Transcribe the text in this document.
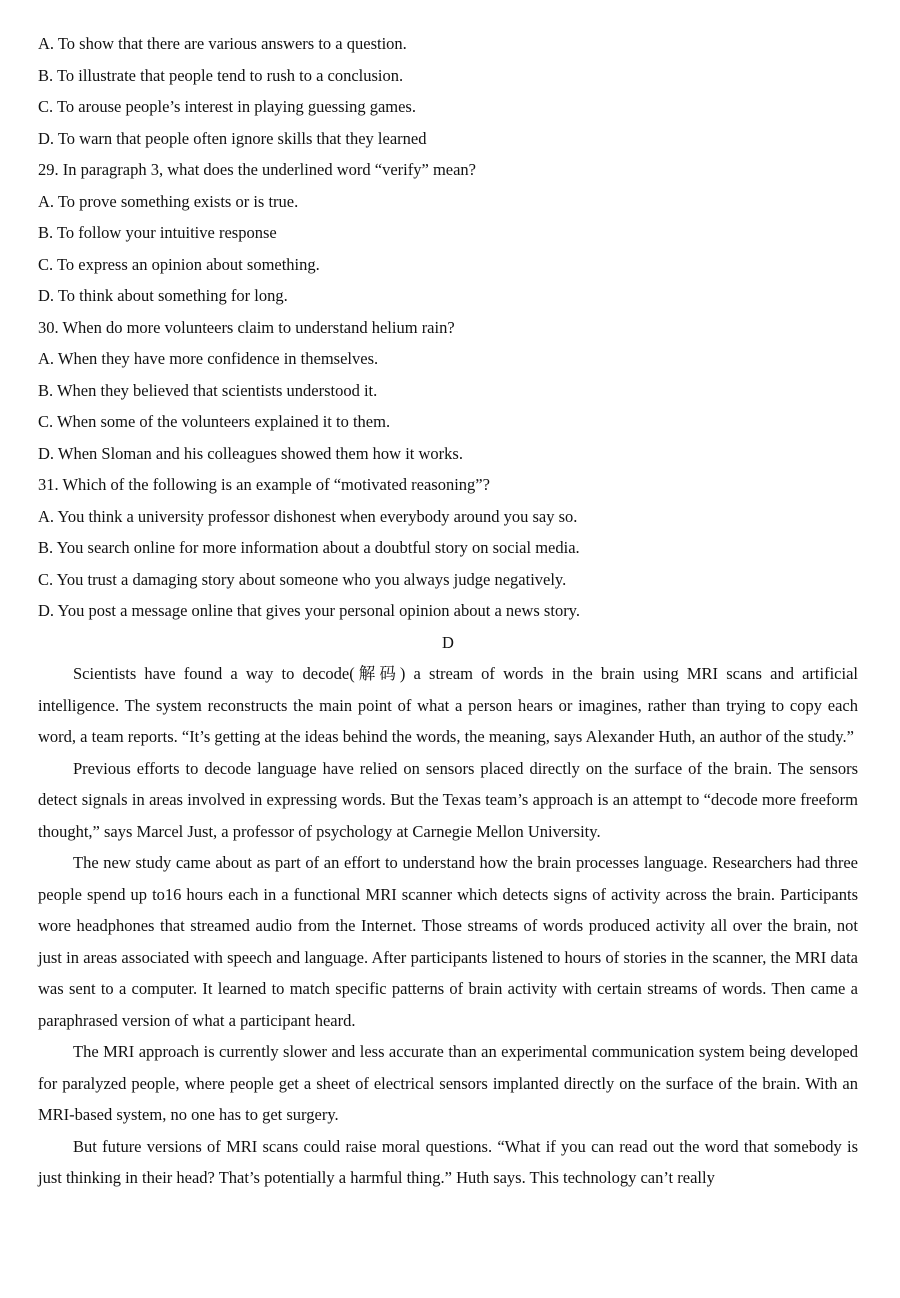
A. To show that there are various answers to a question.
B. To illustrate that people tend to rush to a conclusion.
C. To arouse people’s interest in playing guessing games.
D. To warn that people often ignore skills that they learned
29. In paragraph 3, what does the underlined word “verify” mean?
A. To prove something exists or is true.
B. To follow your intuitive response
C. To express an opinion about something.
D. To think about something for long.
30. When do more volunteers claim to understand helium rain?
A. When they have more confidence in themselves.
B. When they believed that scientists understood it.
C. When some of the volunteers explained it to them.
D. When Sloman and his colleagues showed them how it works.
31. Which of the following is an example of “motivated reasoning”?
A. You think a university professor dishonest when everybody around you say so.
B. You search online for more information about a doubtful story on social media.
C. You trust a damaging story about someone who you always judge negatively.
D. You post a message online that gives your personal opinion about a news story.
D

Scientists have found a way to decode(解码) a stream of words in the brain using MRI scans and artificial intelligence. The system reconstructs the main point of what a person hears or imagines, rather than trying to copy each word, a team reports. “It’s getting at the ideas behind the words, the meaning, says Alexander Huth, an author of the study.”

Previous efforts to decode language have relied on sensors placed directly on the surface of the brain. The sensors detect signals in areas involved in expressing words. But the Texas team’s approach is an attempt to “decode more freeform thought,” says Marcel Just, a professor of psychology at Carnegie Mellon University.

The new study came about as part of an effort to understand how the brain processes language. Researchers had three people spend up to16 hours each in a functional MRI scanner which detects signs of activity across the brain. Participants wore headphones that streamed audio from the Internet. Those streams of words produced activity all over the brain, not just in areas associated with speech and language. After participants listened to hours of stories in the scanner, the MRI data was sent to a computer. It learned to match specific patterns of brain activity with certain streams of words. Then came a paraphrased version of what a participant heard.

The MRI approach is currently slower and less accurate than an experimental communication system being developed for paralyzed people, where people get a sheet of electrical sensors implanted directly on the surface of the brain. With an MRI-based system, no one has to get surgery.

But future versions of MRI scans could raise moral questions. “What if you can read out the word that somebody is just thinking in their head? That’s potentially a harmful thing.” Huth says. This technology can’t really
